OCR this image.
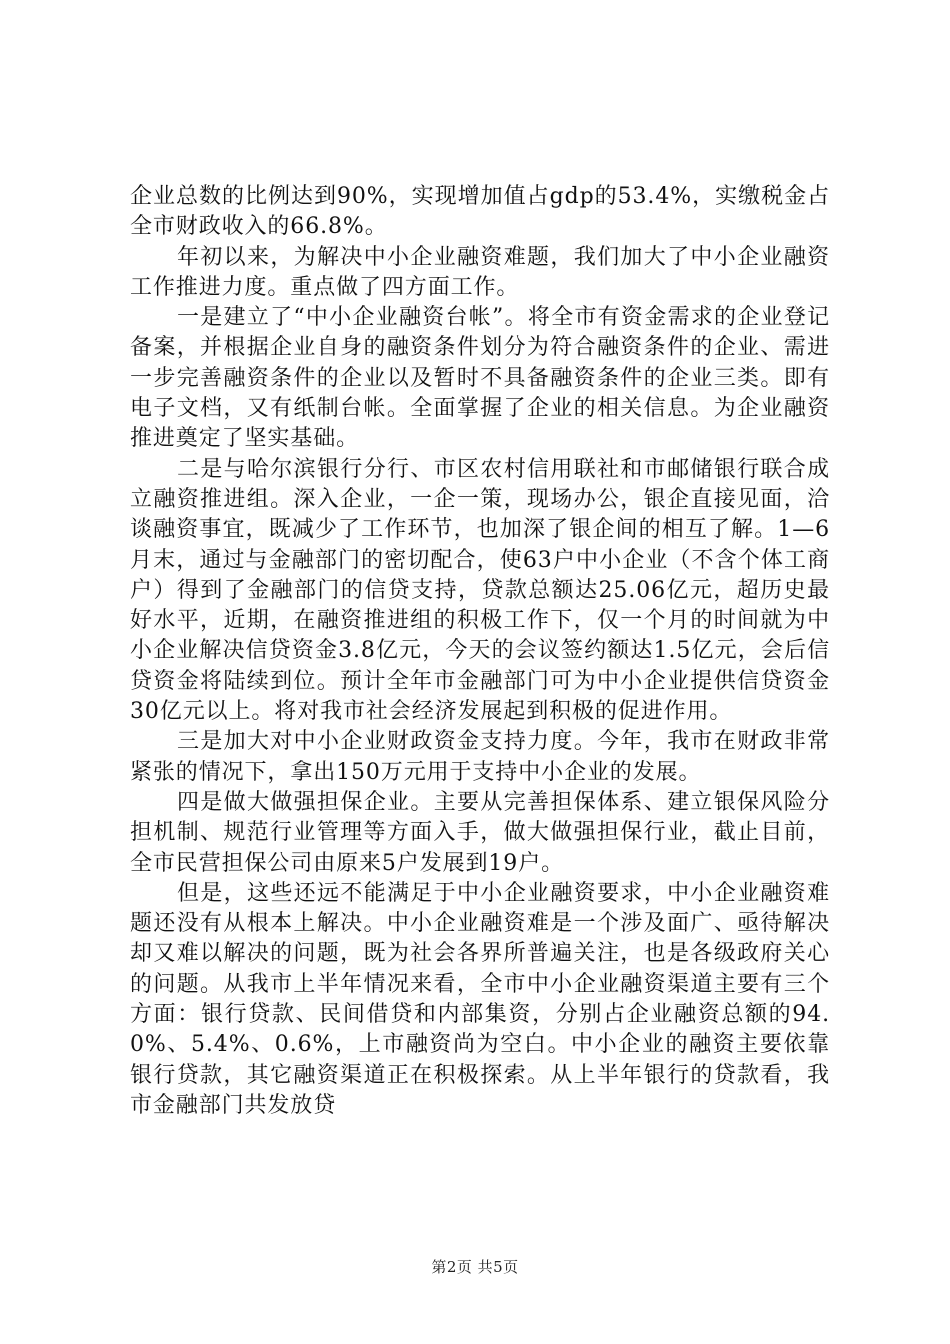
企业总数的比例达到90%，实现增加值占gdp的53.4%，实缴税金占全市财政收入的66.8%。

年初以来，为解决中小企业融资难题，我们加大了中小企业融资工作推进力度。重点做了四方面工作。

一是建立了“中小企业融资台帐”。将全市有资金需求的企业登记备案，并根据企业自身的融资条件划分为符合融资条件的企业、需进一步完善融资条件的企业以及暂时不具备融资条件的企业三类。即有电子文档，又有纸制台帐。全面掌握了企业的相关信息。为企业融资推进奠定了坚实基础。

二是与哈尔滨银行分行、市区农村信用联社和市邮储银行联合成立融资推进组。深入企业，一企一策，现场办公，银企直接见面，洽谈融资事宜，既减少了工作环节，也加深了银企间的相互了解。1—6月末，通过与金融部门的密切配合，使63户中小企业（不含个体工商户）得到了金融部门的信贷支持，贷款总额达25.06亿元，超历史最好水平，近期，在融资推进组的积极工作下，仅一个月的时间就为中小企业解决信贷资金3.8亿元，今天的会议签约额达1.5亿元，会后信贷资金将陆续到位。预计全年市金融部门可为中小企业提供信贷资金30亿元以上。将对我市社会经济发展起到积极的促进作用。

三是加大对中小企业财政资金支持力度。今年，我市在财政非常紧张的情况下，拿出150万元用于支持中小企业的发展。

四是做大做强担保企业。主要从完善担保体系、建立银保风险分担机制、规范行业管理等方面入手，做大做强担保行业，截止目前，全市民营担保公司由原来5户发展到19户。

但是，这些还远不能满足于中小企业融资要求，中小企业融资难题还没有从根本上解决。中小企业融资难是一个涉及面广、亟待解决却又难以解决的问题，既为社会各界所普遍关注，也是各级政府关心的问题。从我市上半年情况来看，全市中小企业融资渠道主要有三个方面：银行贷款、民间借贷和内部集资，分别占企业融资总额的94.0%、5.4%、0.6%，上市融资尚为空白。中小企业的融资主要依靠银行贷款，其它融资渠道正在积极探索。从上半年银行的贷款看，我市金融部门共发放贷

第2页 共5页
